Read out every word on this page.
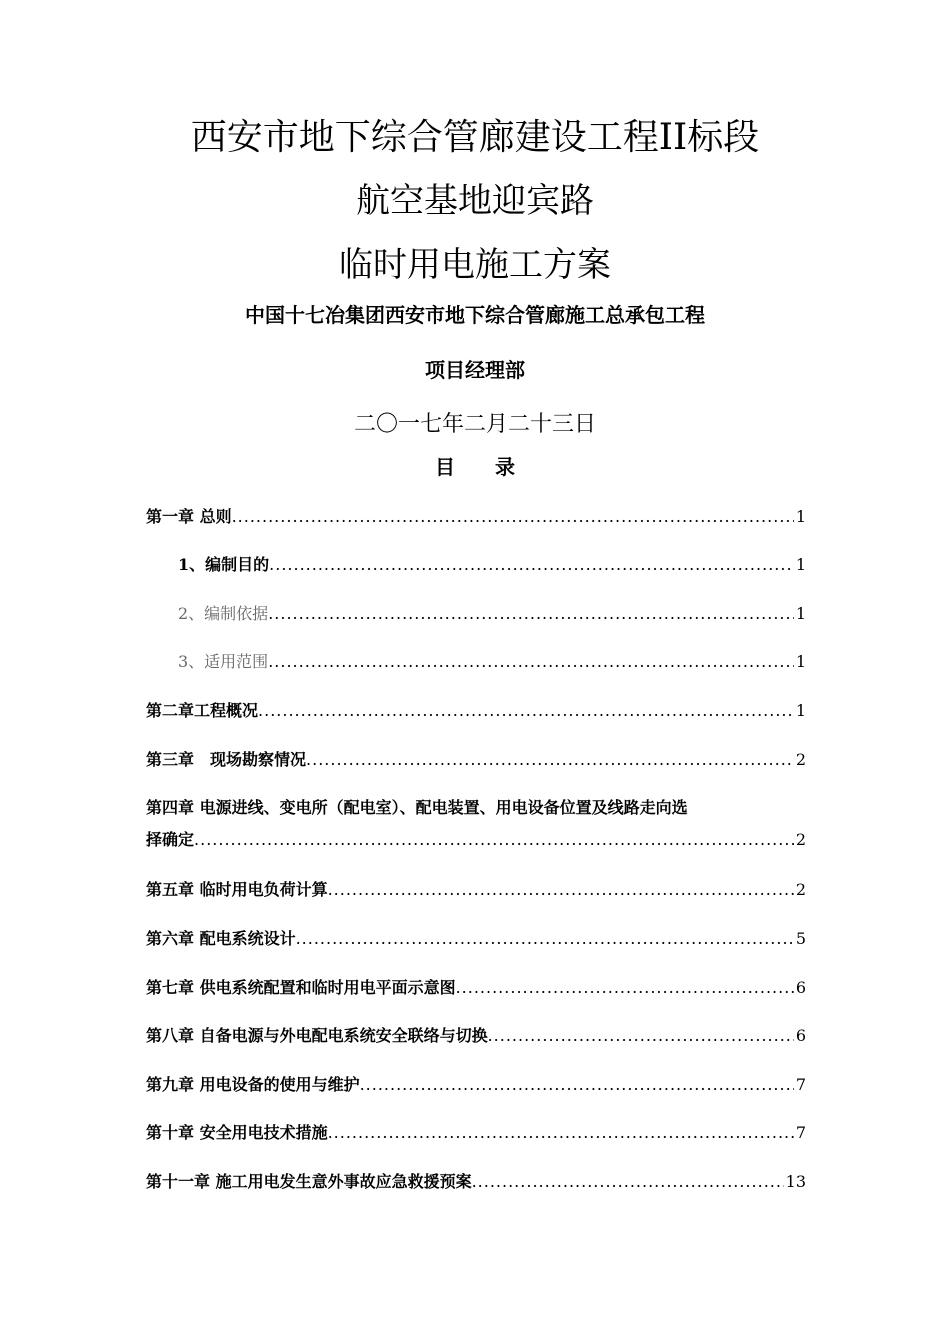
西安市地下综合管廊建设工程II标段
航空基地迎宾路
临时用电施工方案
中国十七冶集团西安市地下综合管廊施工总承包工程
项目经理部
二〇一七年二月二十三日
目录
第一章 总则 .....	1
1、编制目的 .....	1
2、编制依据 .....	1
3、适用范围 .....	1
第二章工程概况 .....	1
第三章　现场勘察情况 .....	2
第四章 电源进线、变电所（配电室）、配电装置、用电设备位置及线路走向选
择确定 .....	2
第五章 临时用电负荷计算 .....	2
第六章 配电系统设计 .....	5
第七章 供电系统配置和临时用电平面示意图 .....	6
第八章 自备电源与外电配电系统安全联络与切换 .....	6
第九章 用电设备的使用与维护 .....	7
第十章 安全用电技术措施 .....	7
第十一章 施工用电发生意外事故应急救援预案 .....	13
